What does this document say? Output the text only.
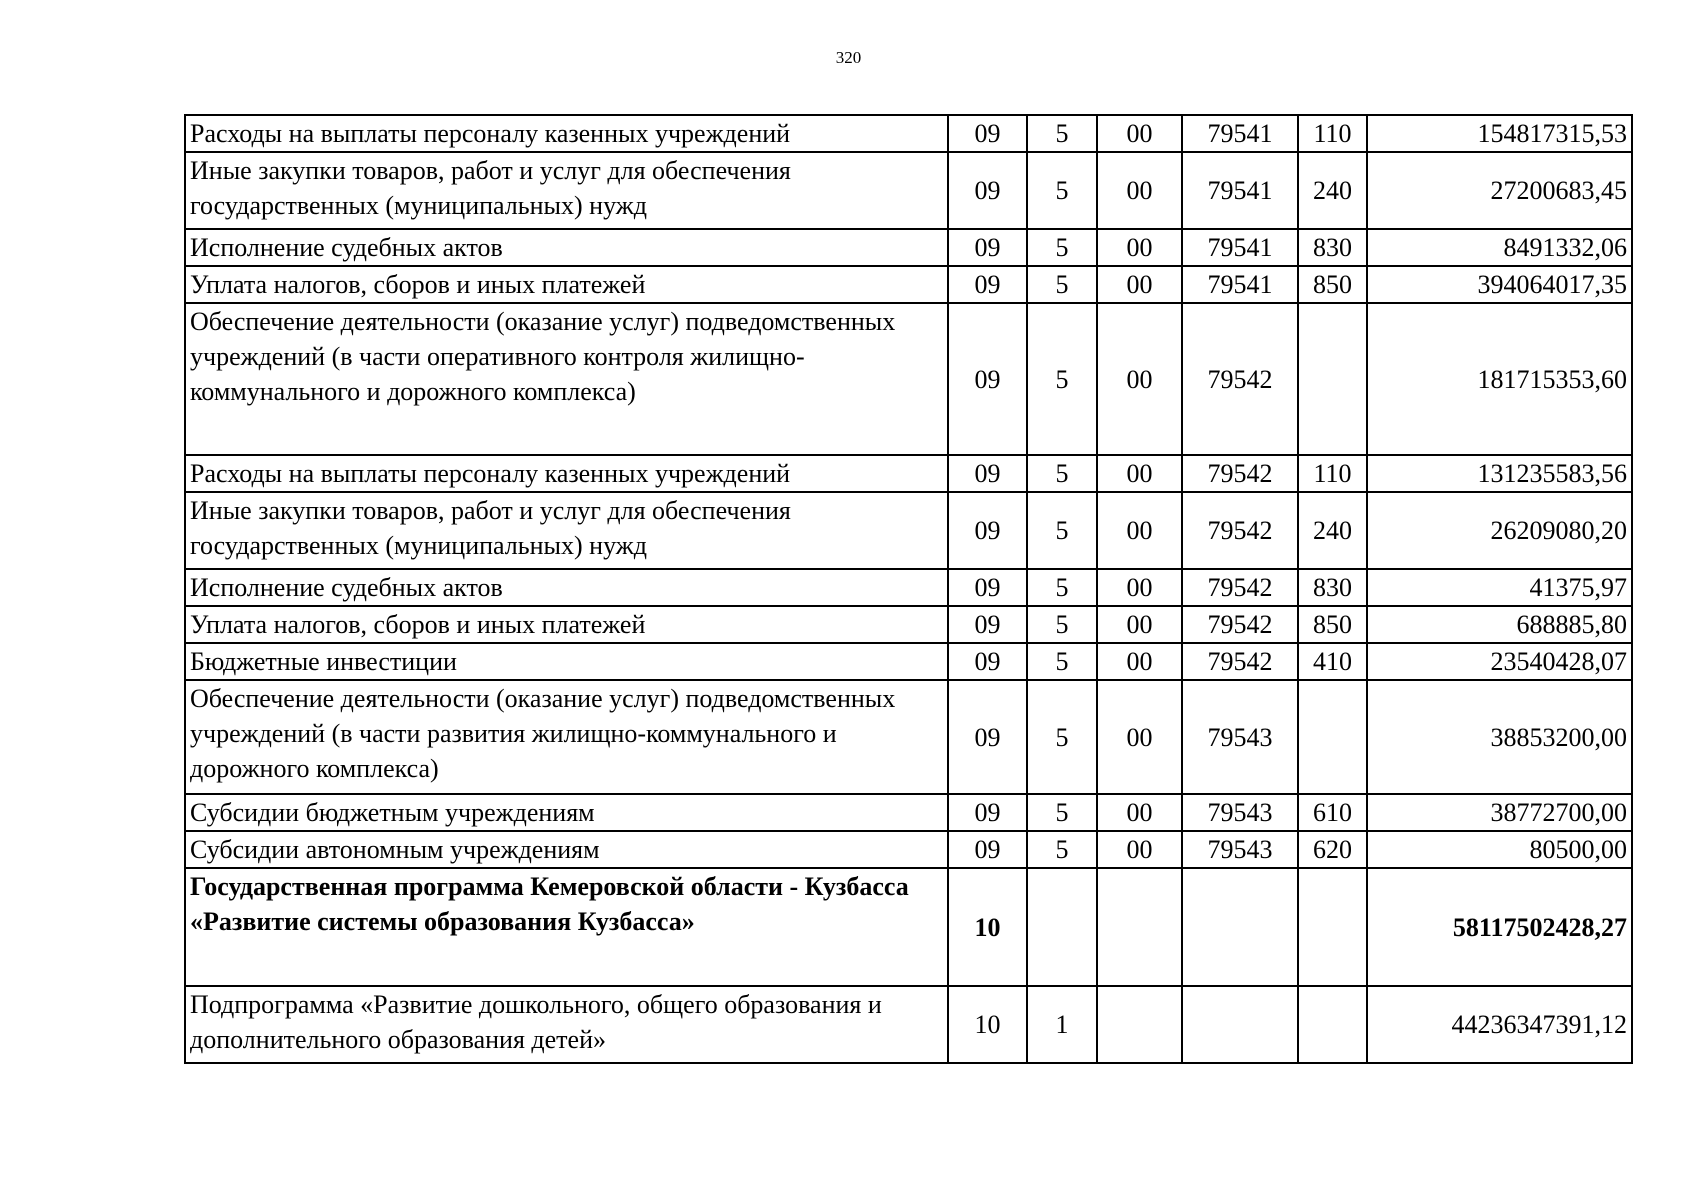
320
Расходы на выплаты персоналу казенных учреждений	09	5	00	79541	110	154817315,53
Иные закупки товаров, работ и услуг для обеспечения государственных (муниципальных) нужд	09	5	00	79541	240	27200683,45
Исполнение судебных актов	09	5	00	79541	830	8491332,06
Уплата налогов, сборов и иных платежей	09	5	00	79541	850	394064017,35
Обеспечение деятельности (оказание услуг) подведомственных учреждений (в части оперативного контроля жилищно-коммунального и дорожного комплекса)	09	5	00	79542		181715353,60
Расходы на выплаты персоналу казенных учреждений	09	5	00	79542	110	131235583,56
Иные закупки товаров, работ и услуг для обеспечения государственных (муниципальных) нужд	09	5	00	79542	240	26209080,20
Исполнение судебных актов	09	5	00	79542	830	41375,97
Уплата налогов, сборов и иных платежей	09	5	00	79542	850	688885,80
Бюджетные инвестиции	09	5	00	79542	410	23540428,07
Обеспечение деятельности (оказание услуг) подведомственных учреждений (в части развития жилищно-коммунального и дорожного комплекса)	09	5	00	79543		38853200,00
Субсидии бюджетным учреждениям	09	5	00	79543	610	38772700,00
Субсидии автономным учреждениям	09	5	00	79543	620	80500,00
Государственная программа Кемеровской области - Кузбасса «Развитие системы образования Кузбасса»	10					58117502428,27
Подпрограмма «Развитие дошкольного, общего образования и дополнительного образования детей»	10	1				44236347391,12
